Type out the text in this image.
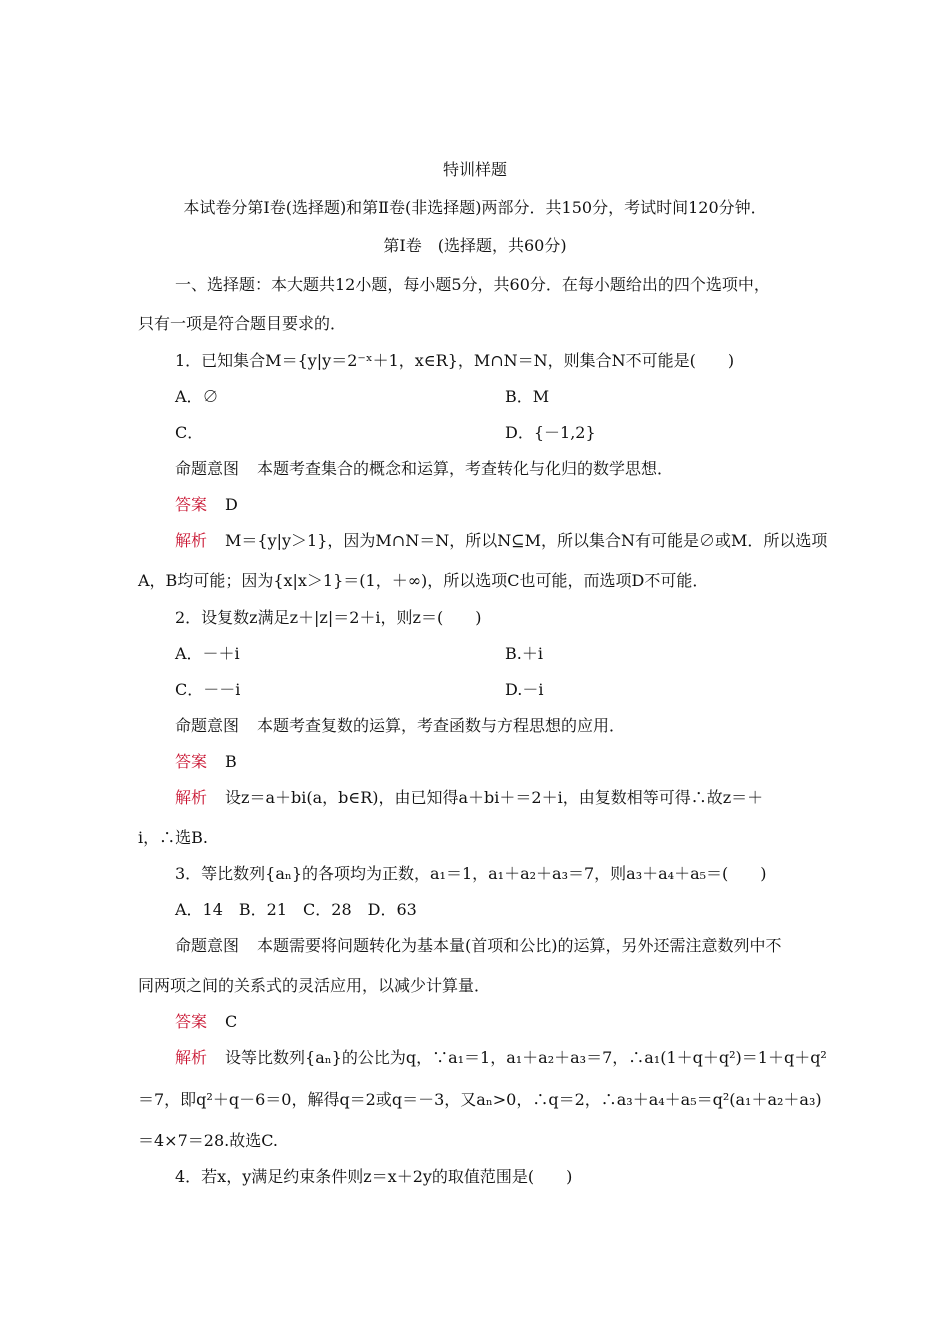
特训样题
本试卷分第Ⅰ卷(选择题)和第Ⅱ卷(非选择题)两部分．共150分，考试时间120分钟．
第Ⅰ卷　(选择题，共60分)
一、选择题：本大题共12小题，每小题5分，共60分．在每小题给出的四个选项中，
只有一项是符合题目要求的．
1．已知集合M＝{y|y＝2⁻ˣ＋1，x∈R}，M∩N＝N，则集合N不可能是(　　)
A．∅	B．M
C．	D．{－1,2}
命题意图 本题考查集合的概念和运算，考查转化与化归的数学思想．
答案 D
解析 M＝{y|y＞1}，因为M∩N＝N，所以N⊆M，所以集合N有可能是∅或M．所以选项
A，B均可能；因为{x|x＞1}＝(1，＋∞)，所以选项C也可能，而选项D不可能．
2．设复数z满足z＋|z|＝2＋i，则z＝(　　)
A．－＋i	B.＋i
C．－－i	D.－i
命题意图 本题考查复数的运算，考查函数与方程思想的应用．
答案 B
解析 设z＝a＋bi(a，b∈R)，由已知得a＋bi＋＝2＋i，由复数相等可得∴故z＝＋
i，∴选B.
3．等比数列{aₙ}的各项均为正数，a₁＝1，a₁＋a₂＋a₃＝7，则a₃＋a₄＋a₅＝(　　)
A．14　B．21　C．28　D．63
命题意图 本题需要将问题转化为基本量(首项和公比)的运算，另外还需注意数列中不
同两项之间的关系式的灵活应用，以减少计算量．
答案 C
解析 设等比数列{aₙ}的公比为q，∵a₁＝1，a₁＋a₂＋a₃＝7，∴a₁(1＋q＋q²)＝1＋q＋q²
＝7，即q²＋q－6＝0，解得q＝2或q＝－3，又aₙ>0，∴q＝2，∴a₃＋a₄＋a₅＝q²(a₁＋a₂＋a₃)
＝4×7＝28.故选C.
4．若x，y满足约束条件则z＝x＋2y的取值范围是(　　)
